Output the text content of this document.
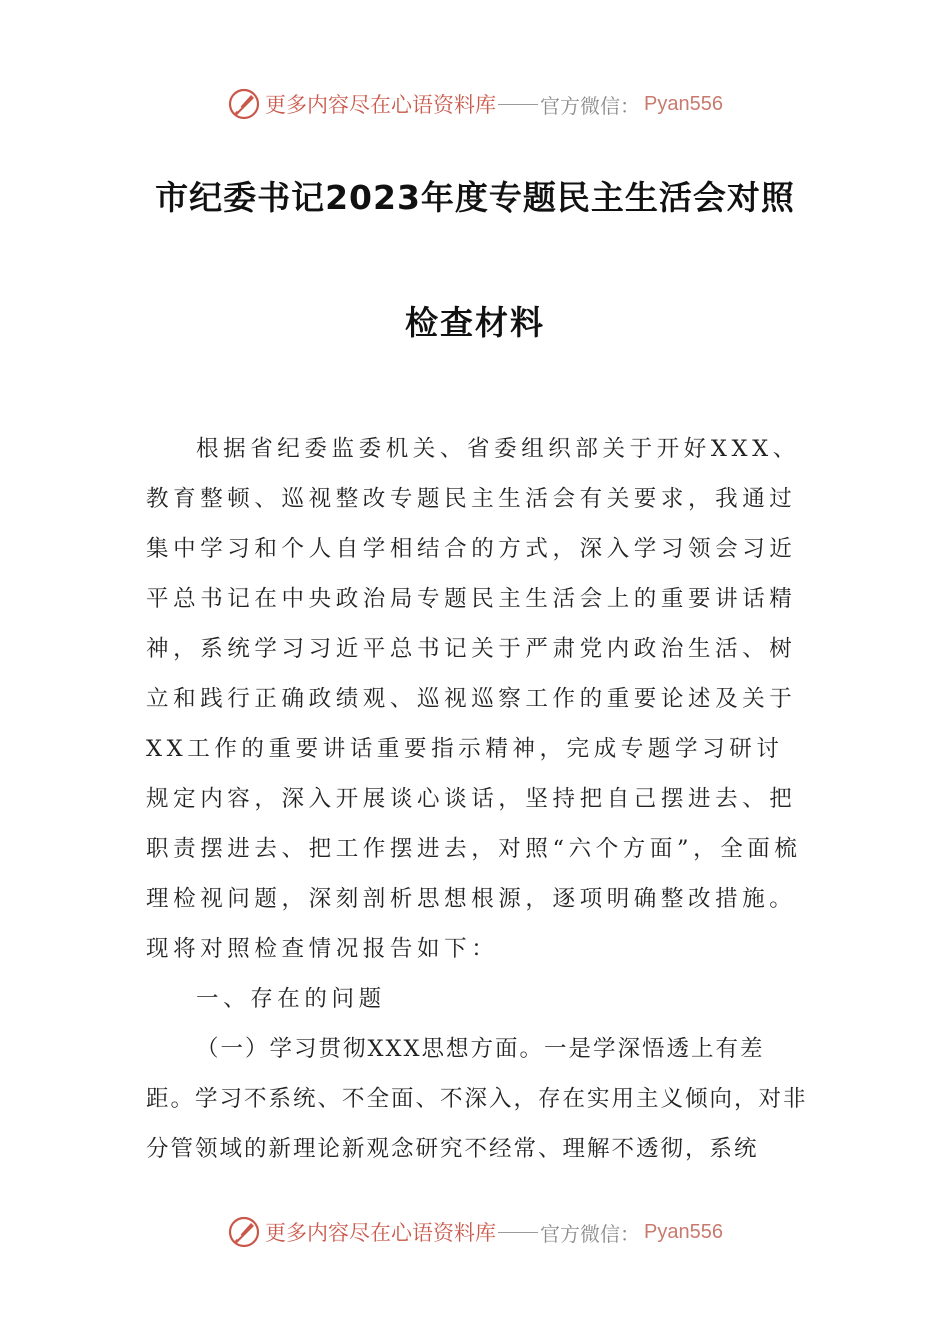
更多内容尽在心语资料库 官方微信： Pyan556
市纪委书记2023年度专题民主生活会对照
检查材料

根据省纪委监委机关、省委组织部关于开好XXX、教育整顿、巡视整改专题民主生活会有关要求，我通过集中学习和个人自学相结合的方式，深入学习领会习近平总书记在中央政治局专题民主生活会上的重要讲话精神，系统学习习近平总书记关于严肃党内政治生活、树立和践行正确政绩观、巡视巡察工作的重要论述及关于XX工作的重要讲话重要指示精神，完成专题学习研讨规定内容，深入开展谈心谈话，坚持把自己摆进去、把职责摆进去、把工作摆进去，对照“六个方面”，全面梳理检视问题，深刻剖析思想根源，逐项明确整改措施。现将对照检查情况报告如下：

一、存在的问题

（一）学习贯彻XXX思想方面。一是学深悟透上有差距。学习不系统、不全面、不深入，存在实用主义倾向，对非分管领域的新理论新观念研究不经常、理解不透彻，系统

更多内容尽在心语资料库 官方微信： Pyan556
